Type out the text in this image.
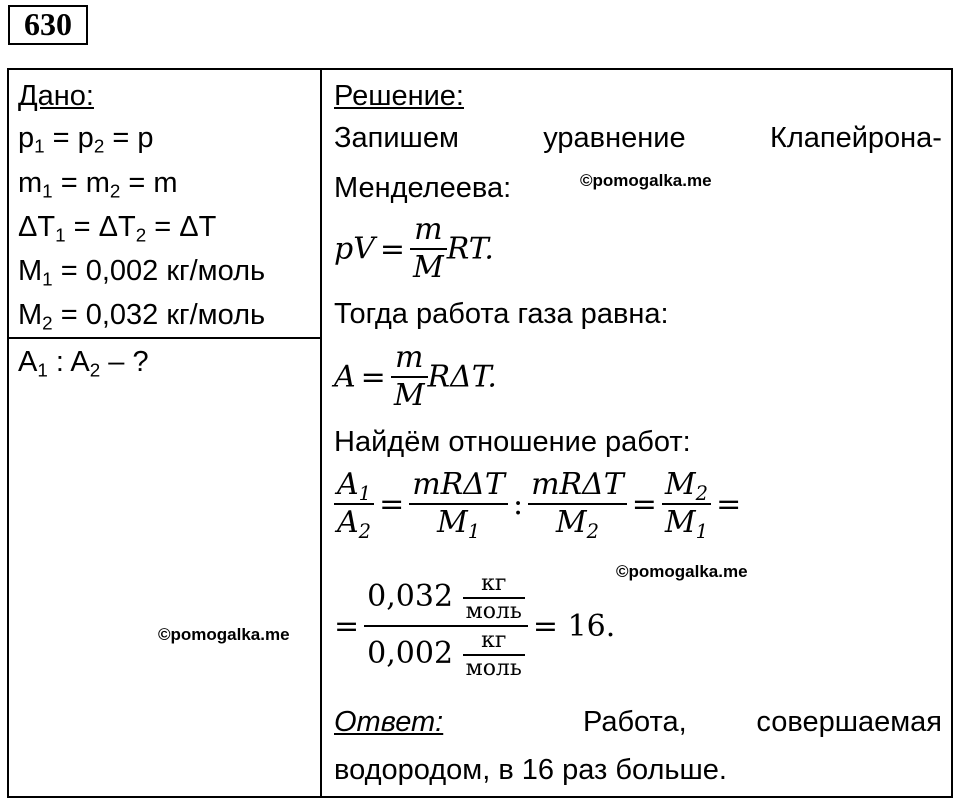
630
Дано:
$p_1 = p_2 = p$
$m_1 = m_2 = m$
$\Delta T_1 = \Delta T_2 = \Delta T$
$M_1 = 0,002$ кг/моль
$M_2 = 0,032$ кг/моль
$A_1$ : $A_2$ – ?
©pomogalka.me
Решение:
Запишем	уравнение	Клапейрона-
Менделеева:	©pomogalka.me
pV = $\frac{m}{M}$ RT.
Тогда работа газа равна:
$A = \frac{m}{M} R\Delta T$.
Найдём отношение работ:
$\frac{A_1}{A_2}$ =
mRΔT
$M_1$
:
mRΔT
$M_2$
= $\frac{M_2}{M_1}$ =
©pomogalka.me
=
0,032	кг
моль
0,002	кг
моль
= 16.
Ответ:	Работа, совершаемая
водородом, в 16 раз больше.
